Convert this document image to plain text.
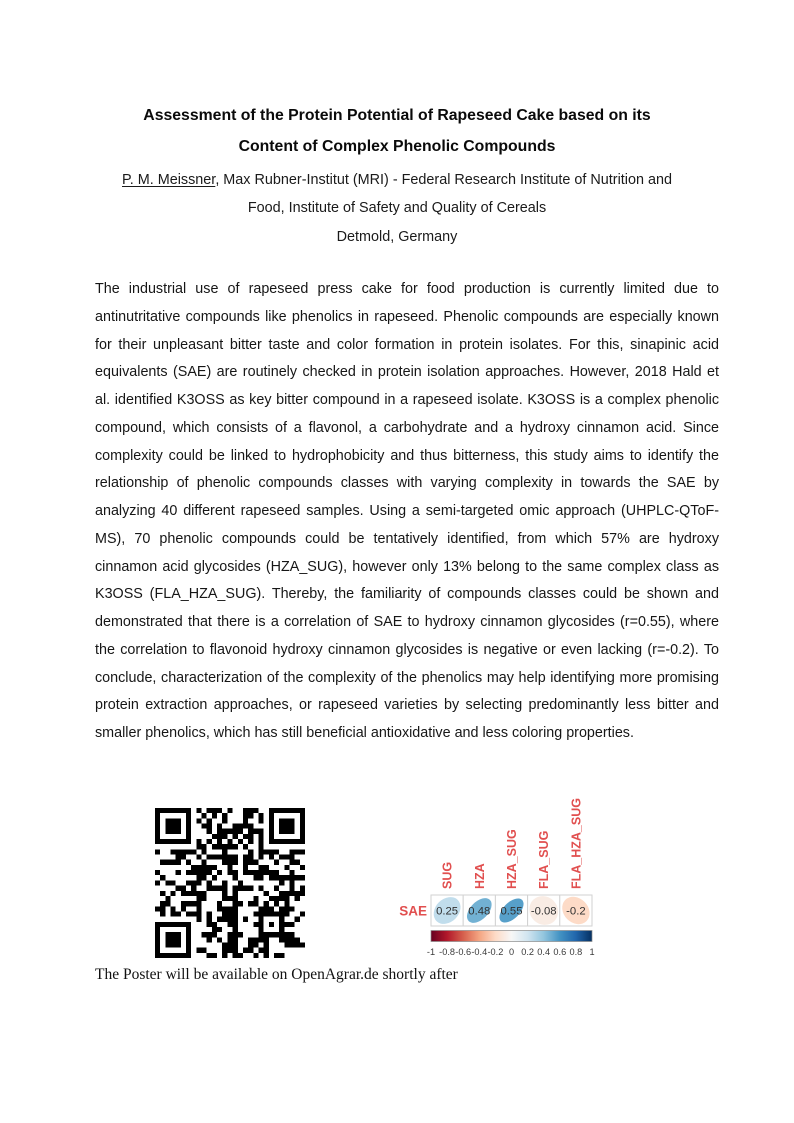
Assessment of the Protein Potential of Rapeseed Cake based on its
Content of Complex Phenolic Compounds
P. M. Meissner, Max Rubner-Institut (MRI) - Federal Research Institute of Nutrition and
Food, Institute of Safety and Quality of Cereals
Detmold, Germany
The industrial use of rapeseed press cake for food production is currently limited due to antinutritative compounds like phenolics in rapeseed. Phenolic compounds are especially known for their unpleasant bitter taste and color formation in protein isolates. For this, sinapinic acid equivalents (SAE) are routinely checked in protein isolation approaches. However, 2018 Hald et al. identified K3OSS as key bitter compound in a rapeseed isolate. K3OSS is a complex phenolic compound, which consists of a flavonol, a carbohydrate and a hydroxy cinnamon acid. Since complexity could be linked to hydrophobicity and thus bitterness, this study aims to identify the relationship of phenolic compounds classes with varying complexity in towards the SAE by analyzing 40 different rapeseed samples. Using a semi-targeted omic approach (UHPLC-QToF-MS), 70 phenolic compounds could be tentatively identified, from which 57% are hydroxy cinnamon acid glycosides (HZA_SUG), however only 13% belong to the same complex class as K3OSS (FLA_HZA_SUG). Thereby, the familiarity of compounds classes could be shown and demonstrated that there is a correlation of SAE to hydroxy cinnamon glycosides (r=0.55), where the correlation to flavonoid hydroxy cinnamon glycosides is negative or even lacking (r=-0.2). To conclude, characterization of the complexity of the phenolics may help identifying more promising protein extraction approaches, or rapeseed varieties by selecting predominantly less bitter and smaller phenolics, which has still beneficial antioxidative and less coloring properties.
SAE
SUG
0.25
HZA
0.48
HZA_SUG
0.55
FLA_SUG
-0.08
FLA_HZA_SUG
-0.2
-1 -0.8 -0.6 -0.4 -0.2 0 0.2 0.4 0.6 0.8 1
The Poster will be available on OpenAgrar.de shortly after
